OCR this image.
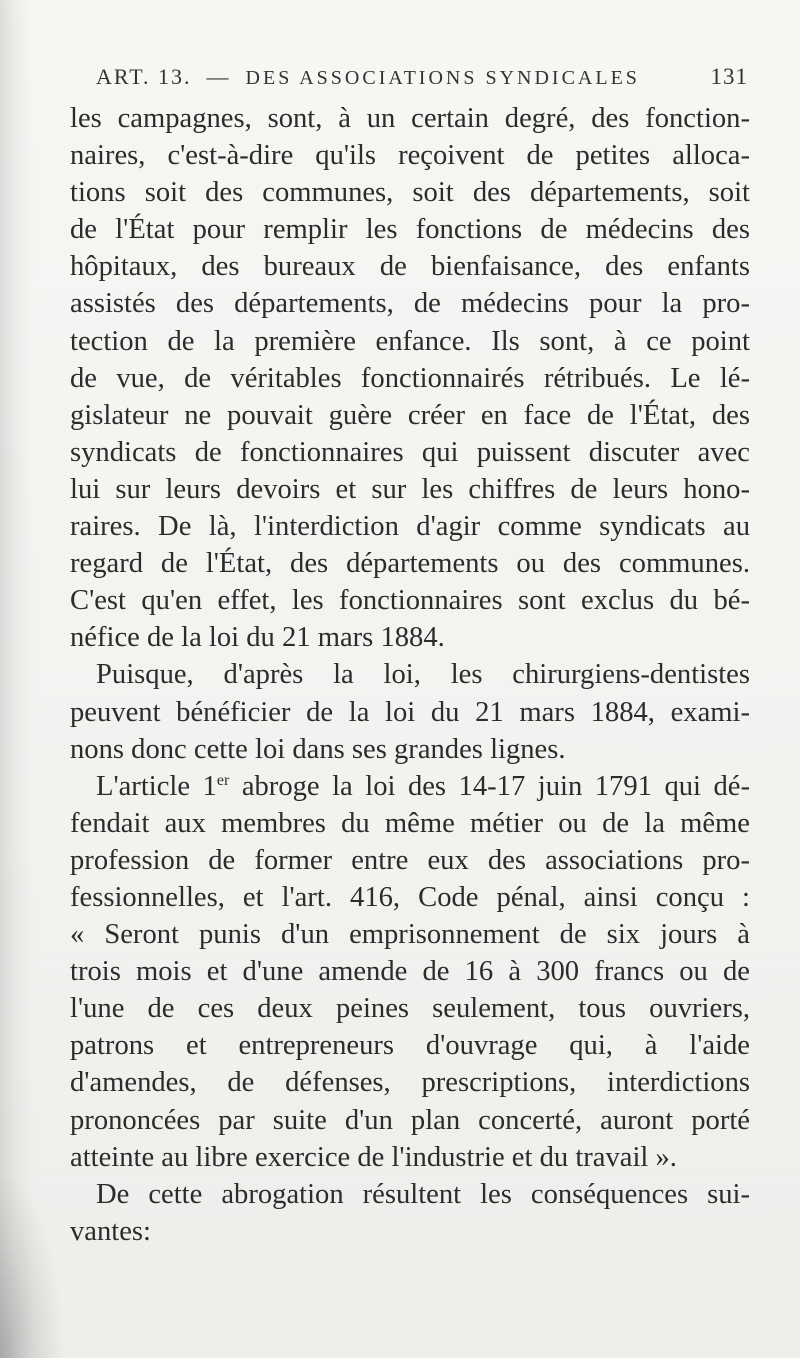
ART. 13. — DES ASSOCIATIONS SYNDICALES	131
les campagnes, sont, à un certain degré, des fonction-
naires, c'est-à-dire qu'ils reçoivent de petites alloca-
tions soit des communes, soit des départements, soit
de l'État pour remplir les fonctions de médecins des
hôpitaux, des bureaux de bienfaisance, des enfants
assistés des départements, de médecins pour la pro-
tection de la première enfance. Ils sont, à ce point
de vue, de véritables fonctionnairés rétribués. Le lé-
gislateur ne pouvait guère créer en face de l'État, des
syndicats de fonctionnaires qui puissent discuter avec
lui sur leurs devoirs et sur les chiffres de leurs hono-
raires. De là, l'interdiction d'agir comme syndicats au
regard de l'État, des départements ou des communes.
C'est qu'en effet, les fonctionnaires sont exclus du bé-
néfice de la loi du 21 mars 1884.
Puisque, d'après la loi, les chirurgiens-dentistes
peuvent bénéficier de la loi du 21 mars 1884, exami-
nons donc cette loi dans ses grandes lignes.
L'article 1er abroge la loi des 14-17 juin 1791 qui dé-
fendait aux membres du même métier ou de la même
profession de former entre eux des associations pro-
fessionnelles, et l'art. 416, Code pénal, ainsi conçu :
« Seront punis d'un emprisonnement de six jours à
trois mois et d'une amende de 16 à 300 francs ou de
l'une de ces deux peines seulement, tous ouvriers,
patrons et entrepreneurs d'ouvrage qui, à l'aide
d'amendes, de défenses, prescriptions, interdictions
prononcées par suite d'un plan concerté, auront porté
atteinte au libre exercice de l'industrie et du travail ».
De cette abrogation résultent les conséquences sui-
vantes:
